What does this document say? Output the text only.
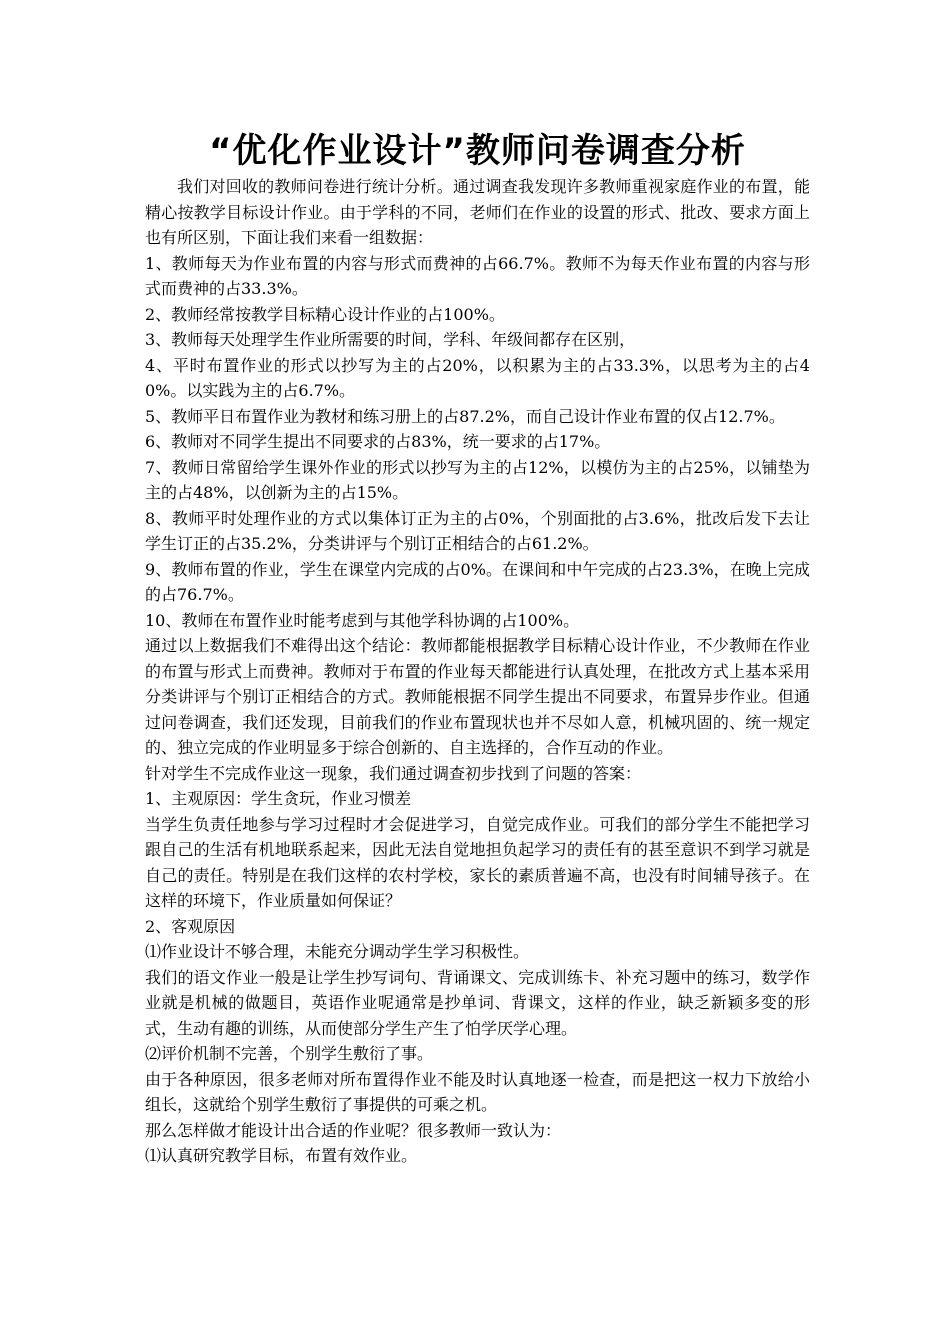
“优化作业设计”教师问卷调查分析

我们对回收的教师问卷进行统计分析。通过调查我发现许多教师重视家庭作业的布置，能精心按教学目标设计作业。由于学科的不同，老师们在作业的设置的形式、批改、要求方面上也有所区别，下面让我们来看一组数据：

1、教师每天为作业布置的内容与形式而费神的占66.7%。教师不为每天作业布置的内容与形式而费神的占33.3%。

2、教师经常按教学目标精心设计作业的占100%。

3、教师每天处理学生作业所需要的时间，学科、年级间都存在区别，

4、平时布置作业的形式以抄写为主的占20%，以积累为主的占33.3%，以思考为主的占40%。以实践为主的占6.7%。

5、教师平日布置作业为教材和练习册上的占87.2%，而自己设计作业布置的仅占12.7%。

6、教师对不同学生提出不同要求的占83%，统一要求的占17%。

7、教师日常留给学生课外作业的形式以抄写为主的占12%，以模仿为主的占25%，以铺垫为主的占48%，以创新为主的占15%。

8、教师平时处理作业的方式以集体订正为主的占0%，个别面批的占3.6%，批改后发下去让学生订正的占35.2%，分类讲评与个别订正相结合的占61.2%。

9、教师布置的作业，学生在课堂内完成的占0%。在课间和中午完成的占23.3%，在晚上完成的占76.7%。

10、教师在布置作业时能考虑到与其他学科协调的占100%。

通过以上数据我们不难得出这个结论：教师都能根据教学目标精心设计作业，不少教师在作业的布置与形式上而费神。教师对于布置的作业每天都能进行认真处理，在批改方式上基本采用分类讲评与个别订正相结合的方式。教师能根据不同学生提出不同要求，布置异步作业。但通过问卷调查，我们还发现，目前我们的作业布置现状也并不尽如人意，机械巩固的、统一规定的、独立完成的作业明显多于综合创新的、自主选择的，合作互动的作业。

针对学生不完成作业这一现象，我们通过调查初步找到了问题的答案：

1、主观原因：学生贪玩，作业习惯差

当学生负责任地参与学习过程时才会促进学习，自觉完成作业。可我们的部分学生不能把学习跟自己的生活有机地联系起来，因此无法自觉地担负起学习的责任有的甚至意识不到学习就是自己的责任。特别是在我们这样的农村学校，家长的素质普遍不高，也没有时间辅导孩子。在这样的环境下，作业质量如何保证？

2、客观原因

⑴作业设计不够合理，未能充分调动学生学习积极性。

我们的语文作业一般是让学生抄写词句、背诵课文、完成训练卡、补充习题中的练习，数学作业就是机械的做题目，英语作业呢通常是抄单词、背课文，这样的作业，缺乏新颖多变的形式，生动有趣的训练，从而使部分学生产生了怕学厌学心理。

⑵评价机制不完善，个别学生敷衍了事。

由于各种原因，很多老师对所布置得作业不能及时认真地逐一检查，而是把这一权力下放给小组长，这就给个别学生敷衍了事提供的可乘之机。

那么怎样做才能设计出合适的作业呢？很多教师一致认为：

⑴认真研究教学目标，布置有效作业。
